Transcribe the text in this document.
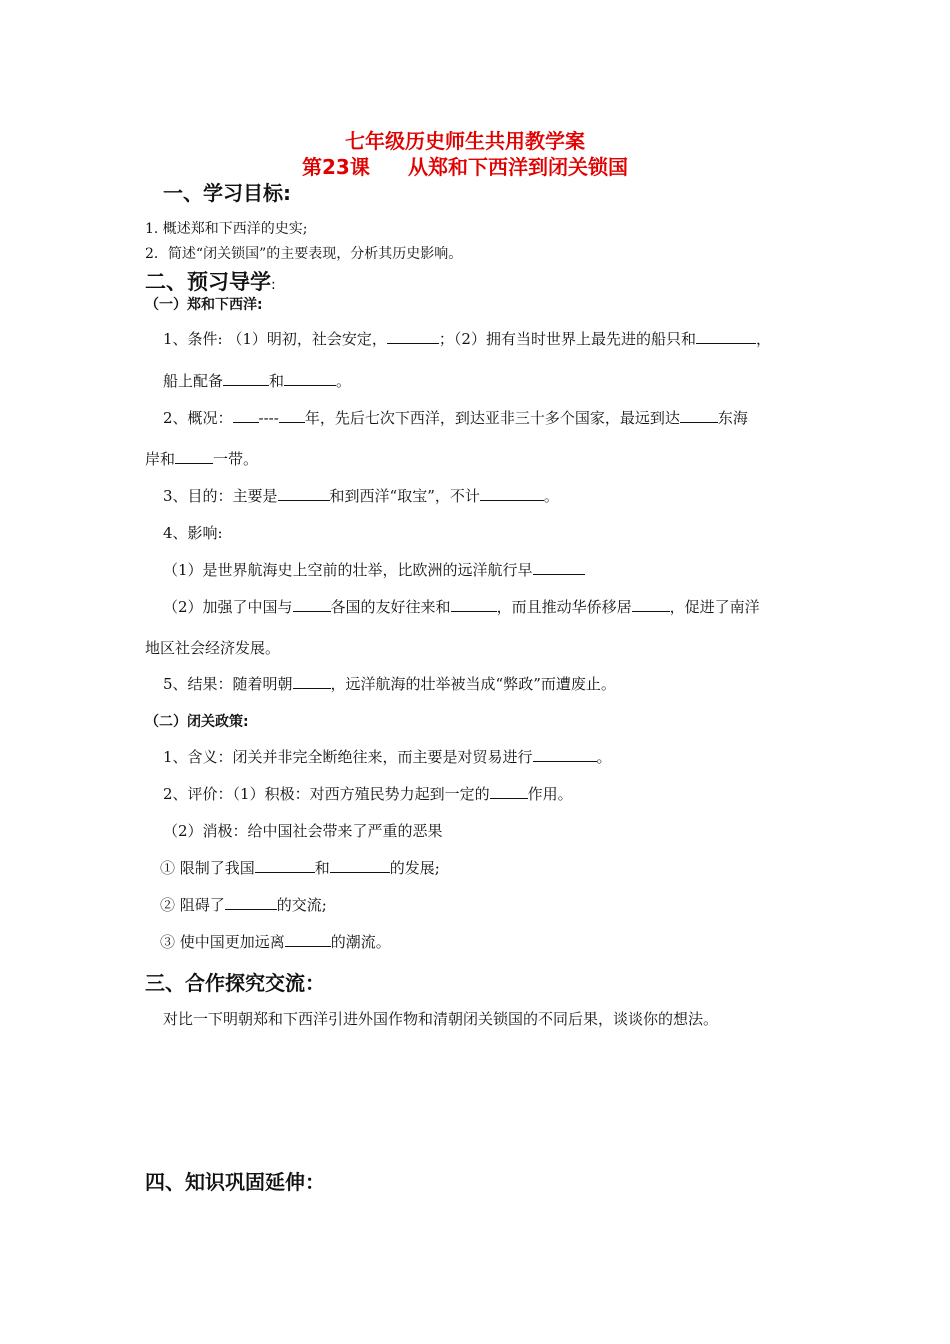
七年级历史师生共用教学案
第23课 从郑和下西洋到闭关锁国
一、学习目标:
1. 概述郑和下西洋的史实;
2．简述“闭关锁国”的主要表现，分析其历史影响。
二、预习导学:
（一）郑和下西洋:
1、条件: （1）明初，社会安定，	；（2）拥有当时世界上最先进的船只和	，
船上配备	和	。
2、概况： ---- 年，先后七次下西洋，到达亚非三十多个国家，最远到达	东海
岸和	一带。
3、目的：主要是	和到西洋“取宝”，不计	。
4、影响:
（1）是世界航海史上空前的壮举，比欧洲的远洋航行早
（2）加强了中国与	各国的友好往来和	，而且推动华侨移居	，促进了南洋
地区社会经济发展。
5、结果：随着明朝	，远洋航海的壮举被当成“弊政”而遭废止。
（二）闭关政策:
1、含义：闭关并非完全断绝往来，而主要是对贸易进行	。
2、评价：（1）积极：对西方殖民势力起到一定的	作用。
（2）消极：给中国社会带来了严重的恶果
① 限制了我国	和	的发展;
② 阻碍了	的交流;
③ 使中国更加远离	的潮流。
三、合作探究交流：
对比一下明朝郑和下西洋引进外国作物和清朝闭关锁国的不同后果，谈谈你的想法。
四、知识巩固延伸：
